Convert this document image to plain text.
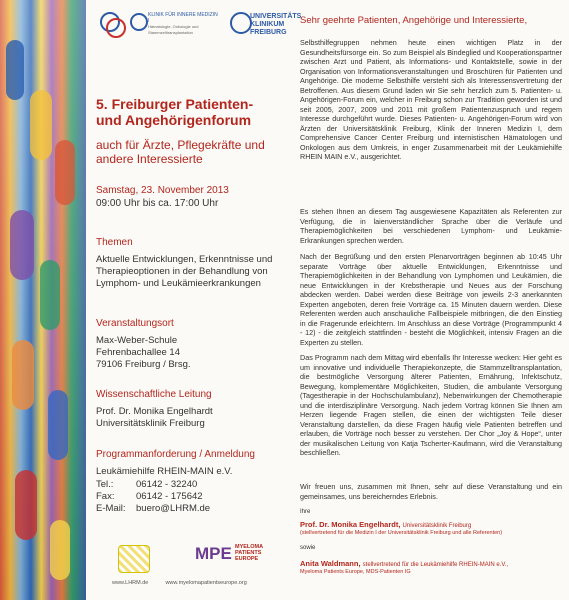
KLINIK FÜR INNERE MEDIZIN I
Hämatologie, Onkologie und Stammzelltransplantation
UNIVERSITÄTS KLINIKUM FREIBURG
5. Freiburger Patienten- und Angehörigenforum
auch für Ärzte, Pflegekräfte und andere Interessierte
Samstag, 23. November 2013
09:00 Uhr bis ca. 17:00 Uhr
Themen
Aktuelle Entwicklungen, Erkenntnisse und Therapieoptionen in der Behandlung von Lymphom- und Leukämieerkrankungen
Veranstaltungsort
Max-Weber-Schule
Fehrenbachallee 14
79106 Freiburg / Brsg.
Wissenschaftliche Leitung
Prof. Dr. Monika Engelhardt
Universitätsklinik Freiburg
Programmanforderung / Anmeldung
Leukämiehilfe RHEIN-MAIN e.V.
Tel.: 06142 - 32240
Fax: 06142 - 175642
E-Mail: buero@LHRM.de
MPE MYELOMA PATIENTS EUROPE
www.LHRM.de	www.myelomapatientseurope.org
Sehr geehrte Patienten, Angehörige und Interessierte,
Selbsthilfegruppen nehmen heute einen wichtigen Platz in der Gesundheitsfürsorge ein. So zum Beispiel als Bindeglied und Kooperationspartner zwischen Arzt und Patient, als Informations- und Kontaktstelle, sowie in der Organisation von Informationsveranstaltungen und Broschüren für Patienten und Angehörige. Die moderne Selbsthilfe versteht sich als Interessensvertretung der Betroffenen. Aus diesem Grund laden wir Sie sehr herzlich zum 5. Patienten- u. Angehörigen-Forum ein, welcher in Freiburg schon zur Tradition geworden ist und seit 2005, 2007, 2009 und 2011 mit großem Patientenzuspruch und regem Interesse durchgeführt wurde. Dieses Patienten- u. Angehörigen-Forum wird von Ärzten der Universitätsklinik Freiburg, Klinik der Inneren Medizin I, dem Comprehensive Cancer Center Freiburg und internistischen Hämatologen und Onkologen aus dem Umkreis, in enger Zusammenarbeit mit der Leukämiehilfe RHEIN MAIN e.V., ausgerichtet.
Es stehen Ihnen an diesem Tag ausgewiesene Kapazitäten als Referenten zur Verfügung, die in laienverständlicher Sprache über die Verläufe und Therapiemöglichkeiten bei verschiedenen Lymphom- und Leukämie-Erkrankungen sprechen werden.
Nach der Begrüßung und den ersten Plenarvorträgen beginnen ab 10:45 Uhr separate Vorträge über aktuelle Entwicklungen, Erkenntnisse und Therapiemöglichkeiten in der Behandlung von Lymphomen und Leukämien, die neue Entwicklungen in der Krebstherapie und Neues aus der Forschung abdecken werden. Dabei werden diese Beiträge von jeweils 2-3 anerkannten Experten angeboten, deren freie Vorträge ca. 15 Minuten dauern werden. Diese Referenten werden auch anschauliche Fallbeispiele mitbringen, die den Einstieg in die Fragerunde erleichtern. Im Anschluss an diese Vorträge (Programmpunkt 4 - 12) - die zeitgleich stattfinden - besteht die Möglichkeit, intensiv Fragen an die Experten zu stellen.
Das Programm nach dem Mittag wird ebenfalls Ihr Interesse wecken: Hier geht es um innovative und individuelle Therapiekonzepte, die Stammzelltransplantation, die bestmögliche Versorgung älterer Patienten, Ernährung, Infektschutz, Bewegung, komplementäre Möglichkeiten, Studien, die ambulante Versorgung (Tagestherapie in der Hochschulambulanz), Nebenwirkungen der Chemotherapie und die interdisziplinäre Versorgung. Nach jedem Vortrag können Sie Ihnen am Herzen liegende Fragen stellen, die einen der wichtigsten Teile dieser Veranstaltung darstellen, da diese Fragen häufig viele Patienten betreffen und erlauben, die Vorträge noch besser zu verstehen. Der Chor „Joy & Hope“, unter der musikalischen Leitung von Katja Tscherter-Kaufmann, wird die Veranstaltung beschließen.
Wir freuen uns, zusammen mit Ihnen, sehr auf diese Veranstaltung und ein gemeinsames, uns bereicherndes Erlebnis.
Ihre
Prof. Dr. Monika Engelhardt, Universitätsklinik Freiburg
(stellvertretend für die Medizin I der Universitätsklinik Freiburg und alle Referenten)
sowie
Anita Waldmann, stellvertretend für die Leukämiehilfe RHEIN-MAIN e.V.,
Myeloma Patients Europe, MDS-Patienten IG
